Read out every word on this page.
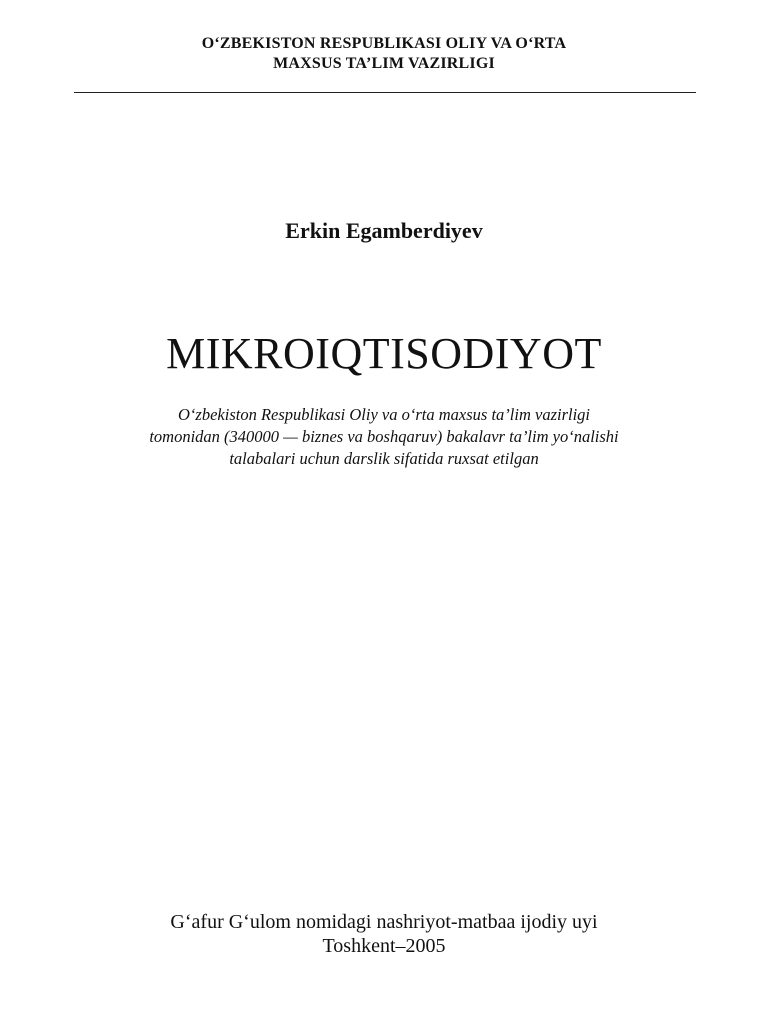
O‘ZBEKISTON RESPUBLIKASI OLIY VA O‘RTA
MAXSUS TA’LIM VAZIRLIGI
Erkin Egamberdiyev
MIKROIQTISODIYOT
O‘zbekiston Respublikasi Oliy va o‘rta maxsus ta’lim vazirligi
tomonidan (340000 — biznes va boshqaruv) bakalavr ta’lim yo‘nalishi
talabalari uchun darslik sifatida ruxsat etilgan
G‘afur G‘ulom nomidagi nashriyot-matbaa ijodiy uyi
Toshkent–2005
